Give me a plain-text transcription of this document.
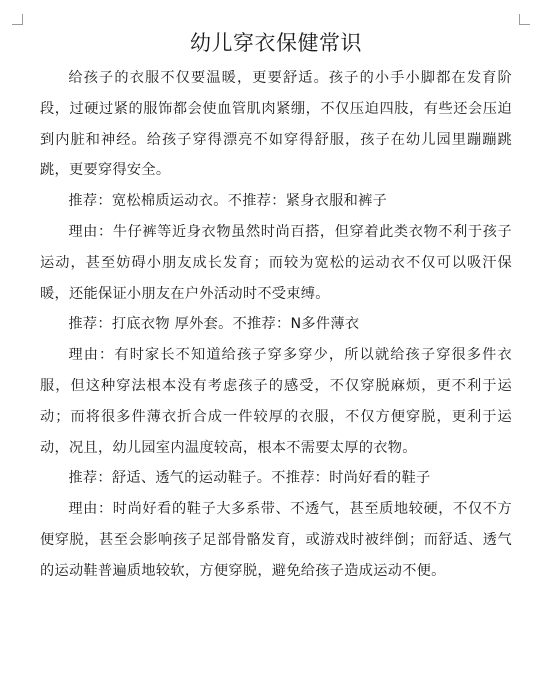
幼儿穿衣保健常识

给孩子的衣服不仅要温暖，更要舒适。孩子的小手小脚都在发育阶段，过硬过紧的服饰都会使血管肌肉紧绷，不仅压迫四肢，有些还会压迫到内脏和神经。给孩子穿得漂亮不如穿得舒服，孩子在幼儿园里蹦蹦跳跳，更要穿得安全。

推荐：宽松棉质运动衣。不推荐：紧身衣服和裤子

理由：牛仔裤等近身衣物虽然时尚百搭，但穿着此类衣物不利于孩子运动，甚至妨碍小朋友成长发育；而较为宽松的运动衣不仅可以吸汗保暖，还能保证小朋友在户外活动时不受束缚。

推荐：打底衣物 厚外套。不推荐：N多件薄衣

理由：有时家长不知道给孩子穿多穿少，所以就给孩子穿很多件衣服，但这种穿法根本没有考虑孩子的感受，不仅穿脱麻烦，更不利于运动；而将很多件薄衣折合成一件较厚的衣服，不仅方便穿脱，更利于运动，况且，幼儿园室内温度较高，根本不需要太厚的衣物。

推荐：舒适、透气的运动鞋子。不推荐：时尚好看的鞋子

理由：时尚好看的鞋子大多系带、不透气，甚至质地较硬，不仅不方便穿脱，甚至会影响孩子足部骨骼发育，或游戏时被绊倒；而舒适、透气的运动鞋普遍质地较软，方便穿脱，避免给孩子造成运动不便。
